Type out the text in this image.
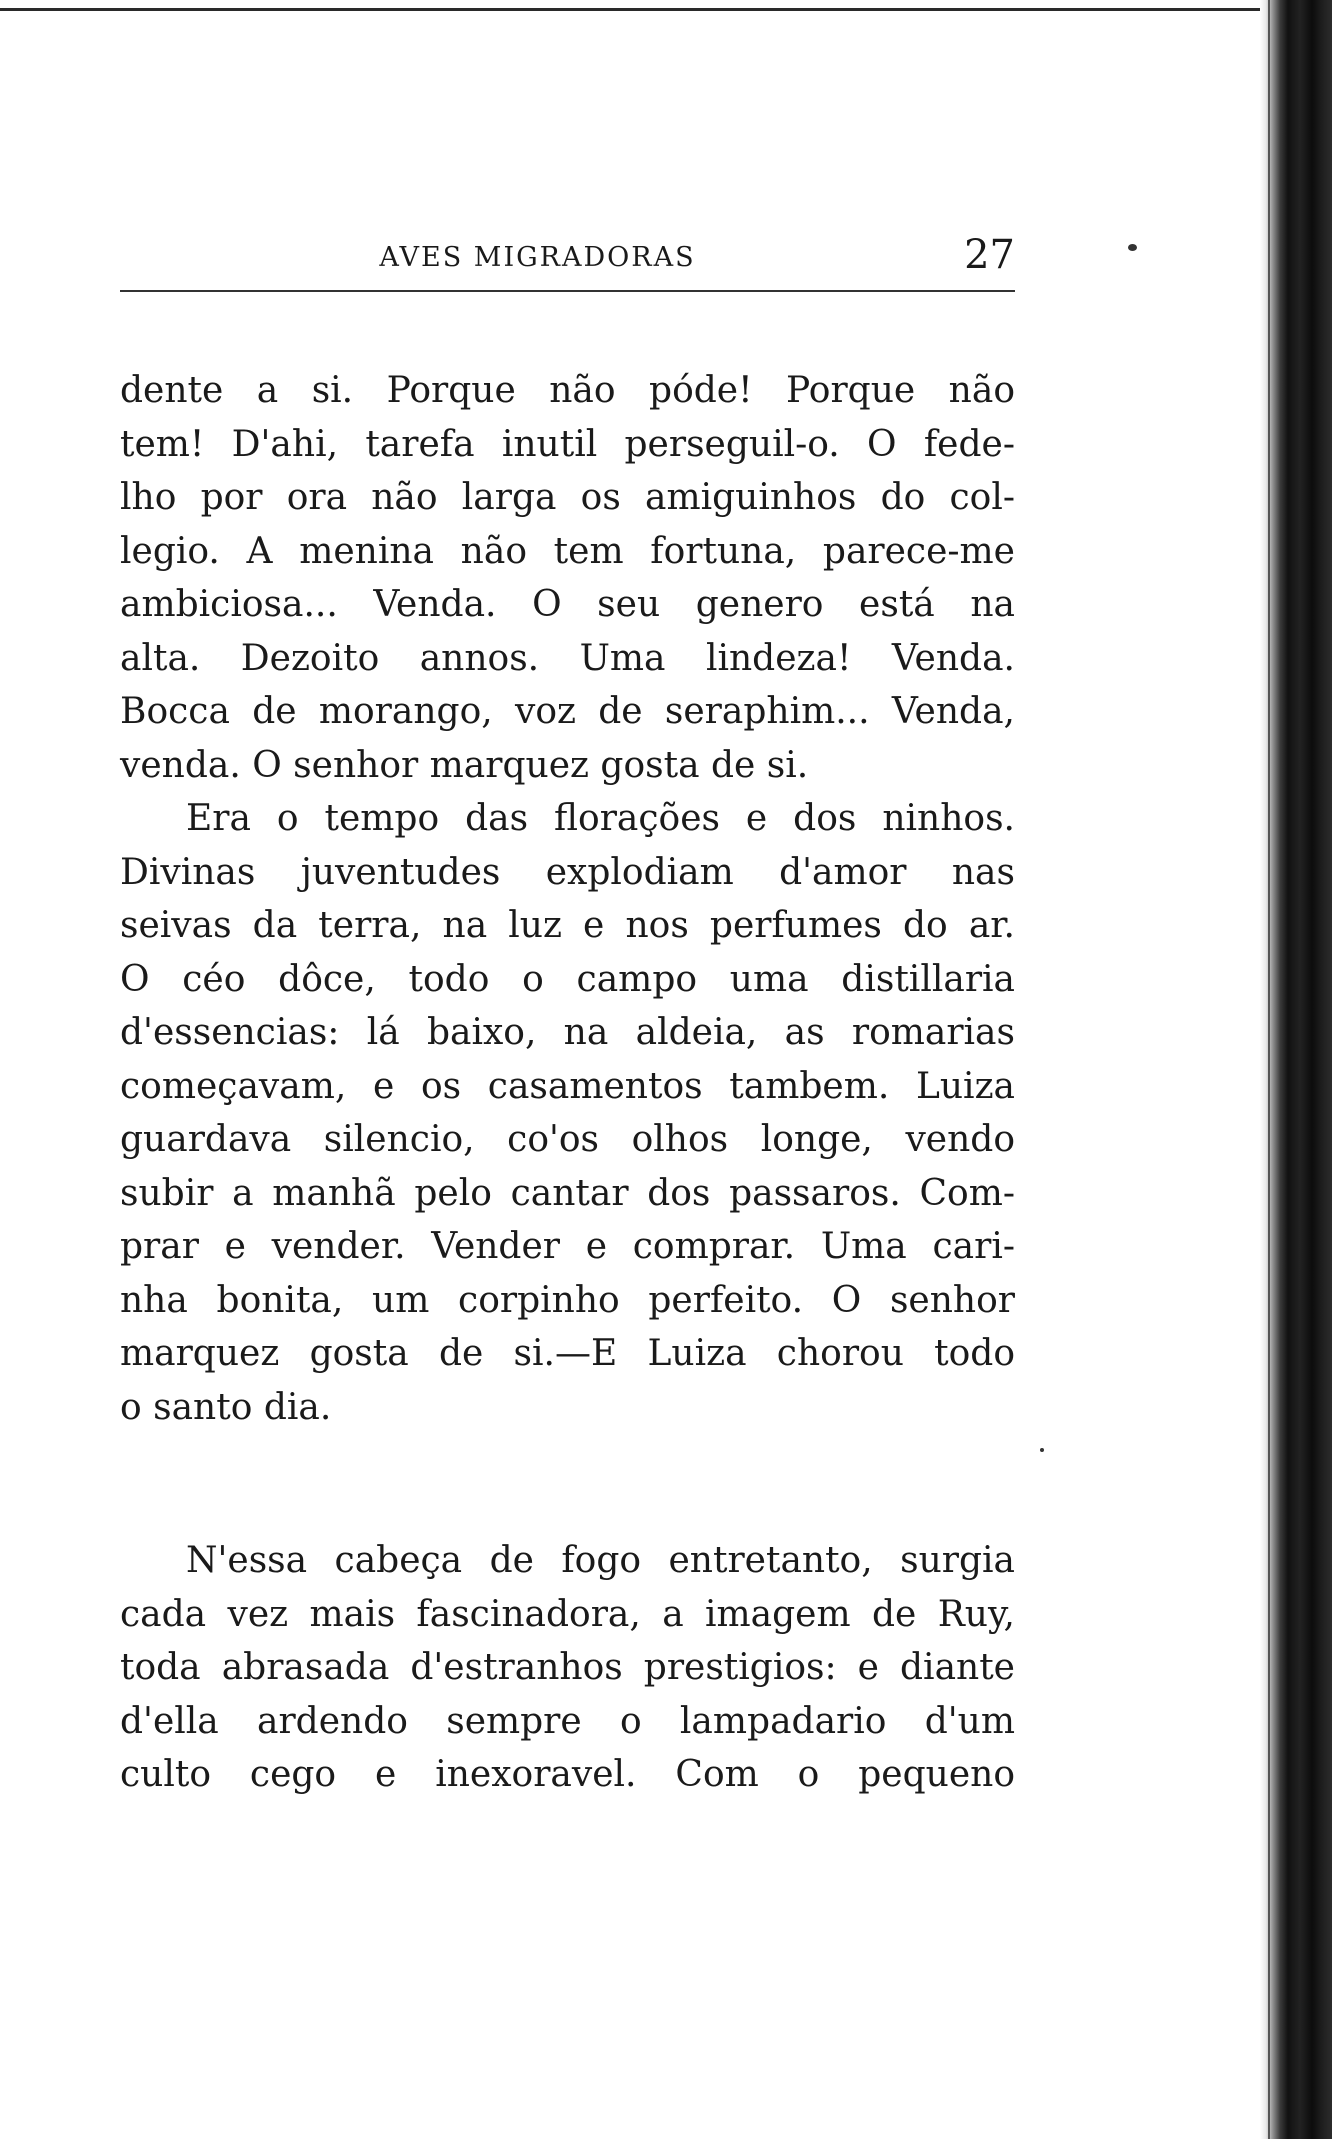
AVES MIGRADORAS	27
dente a si. Porque não póde! Porque não
tem! D'ahi, tarefa inutil perseguil-o. O fede-
lho por ora não larga os amiguinhos do col-
legio. A menina não tem fortuna, parece-me
ambiciosa... Venda. O seu genero está na
alta. Dezoito annos. Uma lindeza! Venda.
Bocca de morango, voz de seraphim... Venda,
venda. O senhor marquez gosta de si.
Era o tempo das florações e dos ninhos.
Divinas juventudes explodiam d'amor nas
seivas da terra, na luz e nos perfumes do ar.
O céo dôce, todo o campo uma distillaria
d'essencias: lá baixo, na aldeia, as romarias
começavam, e os casamentos tambem. Luiza
guardava silencio, co'os olhos longe, vendo
subir a manhã pelo cantar dos passaros. Com-
prar e vender. Vender e comprar. Uma cari-
nha bonita, um corpinho perfeito. O senhor
marquez gosta de si.—E Luiza chorou todo
o santo dia.
N'essa cabeça de fogo entretanto, surgia
cada vez mais fascinadora, a imagem de Ruy,
toda abrasada d'estranhos prestigios: e diante
d'ella ardendo sempre o lampadario d'um
culto cego e inexoravel. Com o pequeno
